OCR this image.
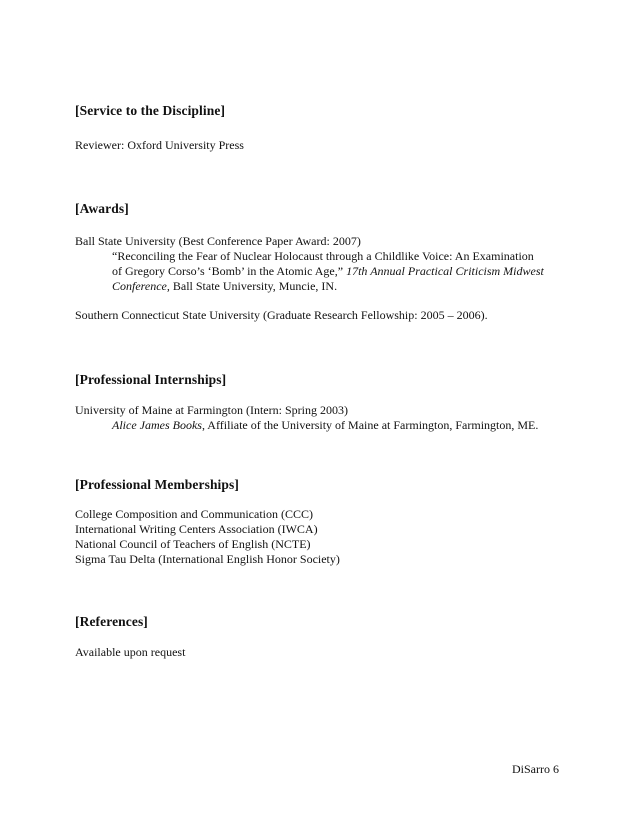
[Service to the Discipline]
Reviewer: Oxford University Press
[Awards]
Ball State University (Best Conference Paper Award: 2007)
“Reconciling the Fear of Nuclear Holocaust through a Childlike Voice: An Examination
of Gregory Corso’s ‘Bomb’ in the Atomic Age,” 17th Annual Practical Criticism Midwest
Conference, Ball State University, Muncie, IN.
Southern Connecticut State University (Graduate Research Fellowship: 2005 – 2006).
[Professional Internships]
University of Maine at Farmington (Intern: Spring 2003)
Alice James Books, Affiliate of the University of Maine at Farmington, Farmington, ME.
[Professional Memberships]
College Composition and Communication (CCC)
International Writing Centers Association (IWCA)
National Council of Teachers of English (NCTE)
Sigma Tau Delta (International English Honor Society)
[References]
Available upon request
DiSarro 6
